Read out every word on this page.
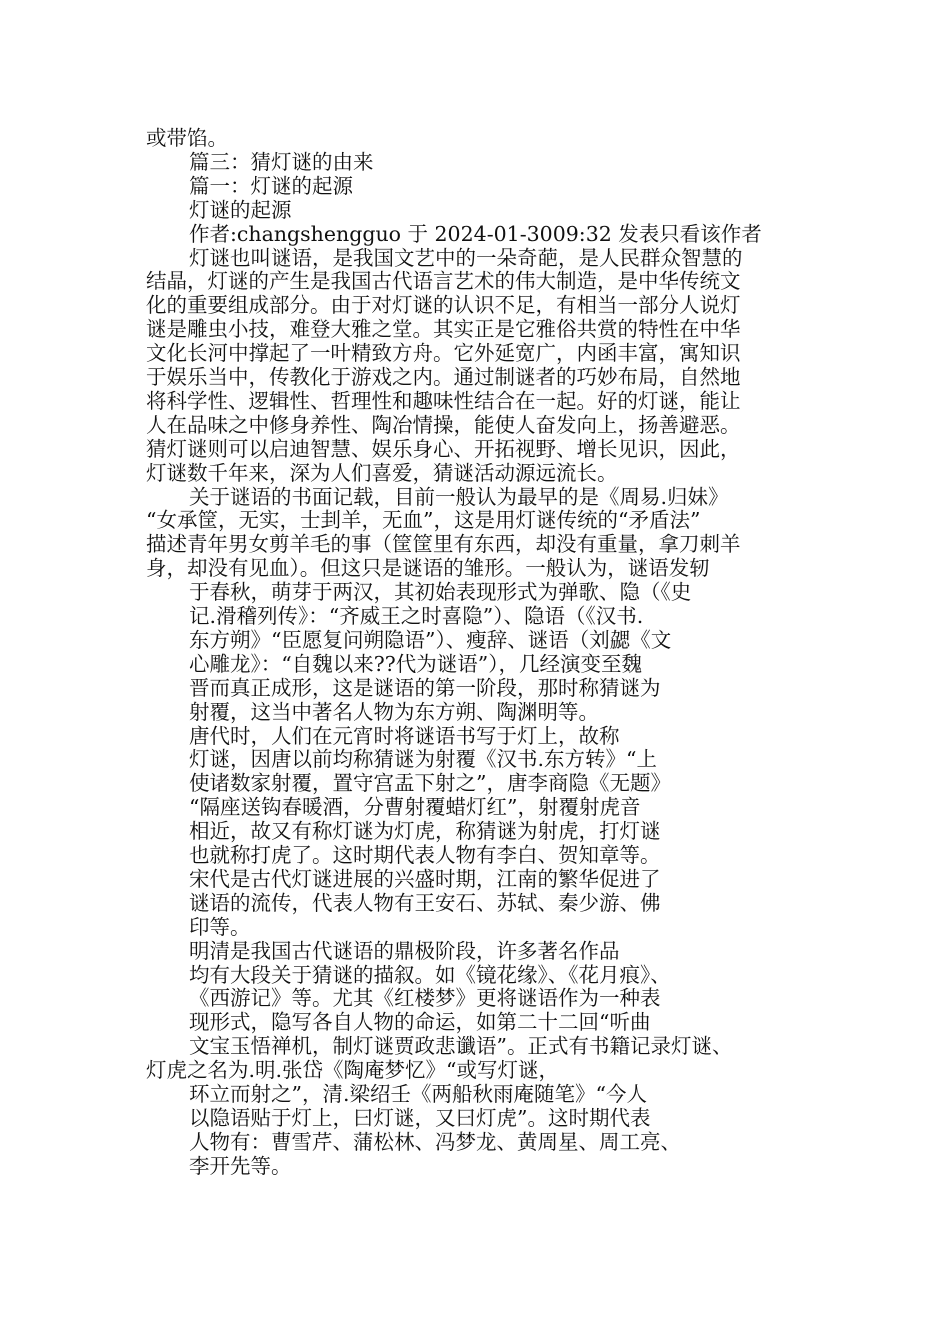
或带馅。
篇三：猜灯谜的由来
篇一：灯谜的起源
灯谜的起源
作者:changshengguo 于 2024-01-3009:32 发表只看该作者
灯谜也叫谜语，是我国文艺中的一朵奇葩，是人民群众智慧的
结晶，灯谜的产生是我国古代语言艺术的伟大制造，是中华传统文
化的重要组成部分。由于对灯谜的认识不足，有相当一部分人说灯
谜是雕虫小技，难登大雅之堂。其实正是它雅俗共赏的特性在中华
文化长河中撑起了一叶精致方舟。它外延宽广，内函丰富，寓知识
于娱乐当中，传教化于游戏之内。通过制谜者的巧妙布局，自然地
将科学性、逻辑性、哲理性和趣味性结合在一起。好的灯谜，能让
人在品味之中修身养性、陶冶情操，能使人奋发向上，扬善避恶。
猜灯谜则可以启迪智慧、娱乐身心、开拓视野、增长见识，因此，
灯谜数千年来，深为人们喜爱，猜谜活动源远流长。
关于谜语的书面记载，目前一般认为最早的是《周易.归妹》
“女承筐，无实，士刲羊，无血”，这是用灯谜传统的“矛盾法”
描述青年男女剪羊毛的事（筐筐里有东西，却没有重量，拿刀刺羊
身，却没有见血）。但这只是谜语的雏形。一般认为，谜语发轫
于春秋，萌芽于两汉，其初始表现形式为弹歌、隐（《史
记.滑稽列传》：“齐威王之时喜隐”）、隐语（《汉书.
东方朔》“臣愿复问朔隐语”）、瘦辞、谜语（刘勰《文
心雕龙》：“自魏以来??代为谜语”），几经演变至魏
晋而真正成形，这是谜语的第一阶段，那时称猜谜为
射覆，这当中著名人物为东方朔、陶渊明等。
唐代时，人们在元宵时将谜语书写于灯上，故称
灯谜，因唐以前均称猜谜为射覆《汉书.东方转》“上
使诸数家射覆，置守宫盂下射之”，唐李商隐《无题》
“隔座送钩春暖酒，分曹射覆蜡灯红”，射覆射虎音
相近，故又有称灯谜为灯虎，称猜谜为射虎，打灯谜
也就称打虎了。这时期代表人物有李白、贺知章等。
宋代是古代灯谜进展的兴盛时期，江南的繁华促进了
谜语的流传，代表人物有王安石、苏轼、秦少游、佛
印等。
明清是我国古代谜语的鼎极阶段，许多著名作品
均有大段关于猜谜的描叙。如《镜花缘》、《花月痕》、
《西游记》等。尤其《红楼梦》更将谜语作为一种表
现形式，隐写各自人物的命运，如第二十二回“听曲
文宝玉悟禅机，制灯谜贾政悲谶语”。正式有书籍记录灯谜、
灯虎之名为.明.张岱《陶庵梦忆》“或写灯谜，
环立而射之”，清.梁绍壬《两船秋雨庵随笔》“今人
以隐语贴于灯上，曰灯谜，又曰灯虎”。这时期代表
人物有：曹雪芹、蒲松林、冯梦龙、黄周星、周工亮、
李开先等。
